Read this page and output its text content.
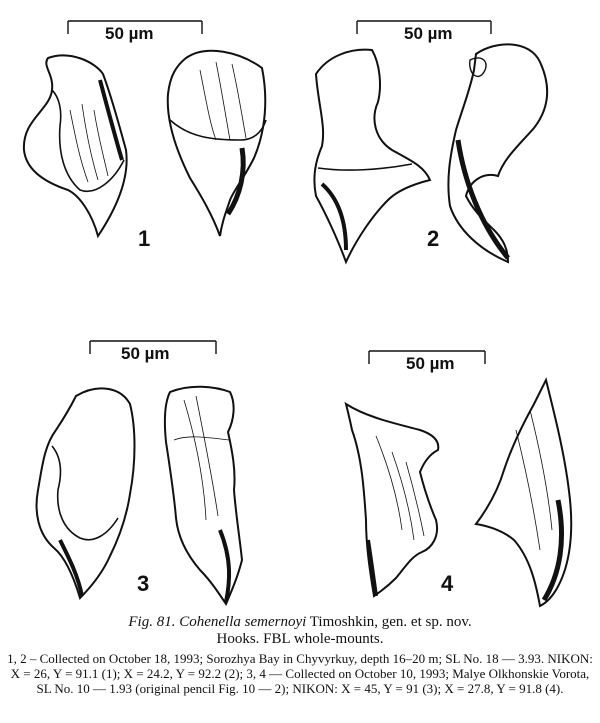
50 µm	50 µm
50 µm
50 µm
1	2
3	4
Fig. 81. Cohenella semernoyi Timoshkin, gen. et sp. nov.
Hooks. FBL whole-mounts.
1, 2 – Collected on October 18, 1993; Sorozhya Bay in Chyvyrkuy, depth 16–20 m; SL No. 18 — 3.93. NIKON: X = 26, Y = 91.1 (1); X = 24.2, Y = 92.2 (2); 3, 4 — Collected on October 10, 1993; Malye Olkhonskie Vorota, SL No. 10 — 1.93 (original pencil Fig. 10 — 2); NIKON: X = 45, Y = 91 (3); X = 27.8, Y = 91.8 (4).
